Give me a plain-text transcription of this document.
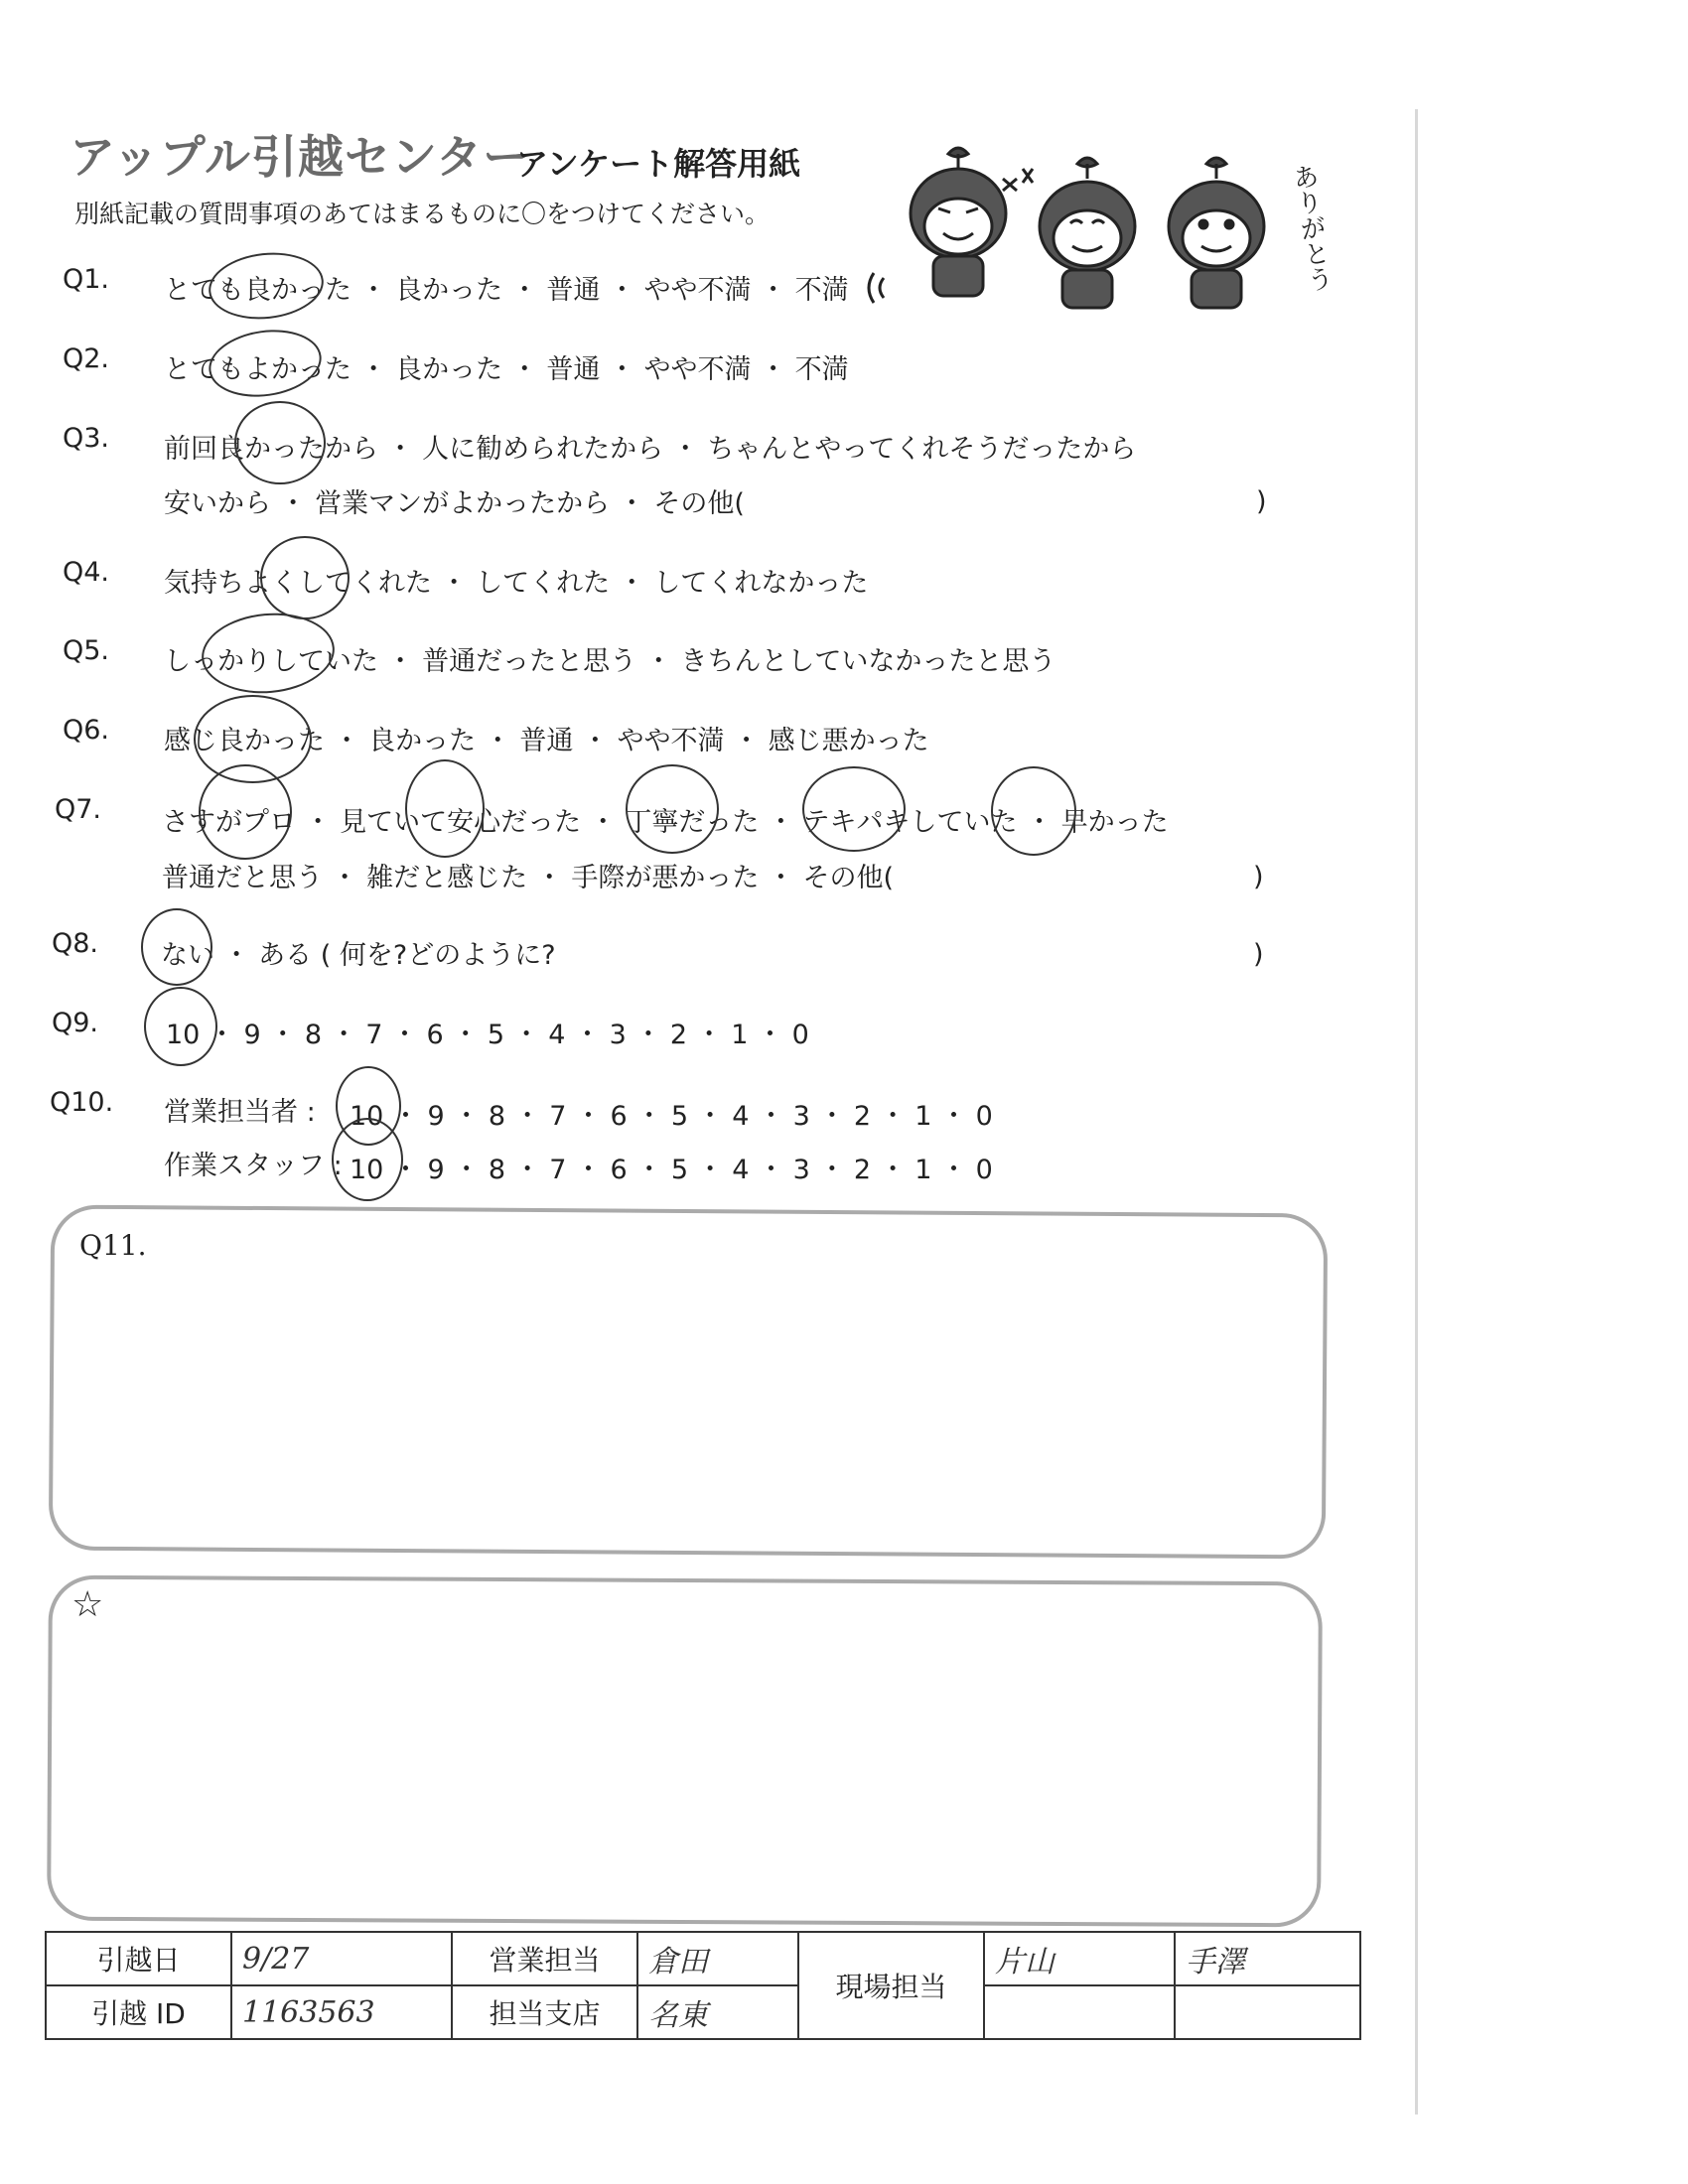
アップル引越センター
アンケート解答用紙
別紙記載の質問事項のあてはまるものに〇をつけてください。	ありがとう
Q1. とても良かった ・ 良かった ・ 普通 ・ やや不満 ・ 不満
Q2. とてもよかった ・ 良かった ・ 普通 ・ やや不満 ・ 不満
Q3. 前回良かったから ・ 人に勧められたから ・ ちゃんとやってくれそうだったから
安いから ・ 営業マンがよかったから ・ その他(	)
Q4. 気持ちよくしてくれた ・ してくれた ・ してくれなかった
Q5. しっかりしていた ・ 普通だったと思う ・ きちんとしていなかったと思う
Q6. 感じ良かった ・ 良かった ・ 普通 ・ やや不満 ・ 感じ悪かった
Q7. さすがプロ ・ 見ていて安心だった ・ 丁寧だった ・ テキパキしていた ・ 早かった
普通だと思う ・ 雑だと感じた ・ 手際が悪かった ・ その他(	)
Q8. ない ・ ある ( 何を?どのように?	)
Q9.	10 ・ 9 ・ 8 ・ 7 ・ 6 ・ 5 ・ 4 ・ 3 ・ 2 ・ 1 ・ 0
Q10. 営業担当者 : 10 ・ 9 ・ 8 ・ 7 ・ 6 ・ 5 ・ 4 ・ 3 ・ 2 ・ 1 ・ 0
作業スタッフ : 10 ・ 9 ・ 8 ・ 7 ・ 6 ・ 5 ・ 4 ・ 3 ・ 2 ・ 1 ・ 0
Q11.
☆
引越日	9/27	営業担当	倉田	現場担当	片山	手澤
引越 ID	1163563	担当支店	名東			
